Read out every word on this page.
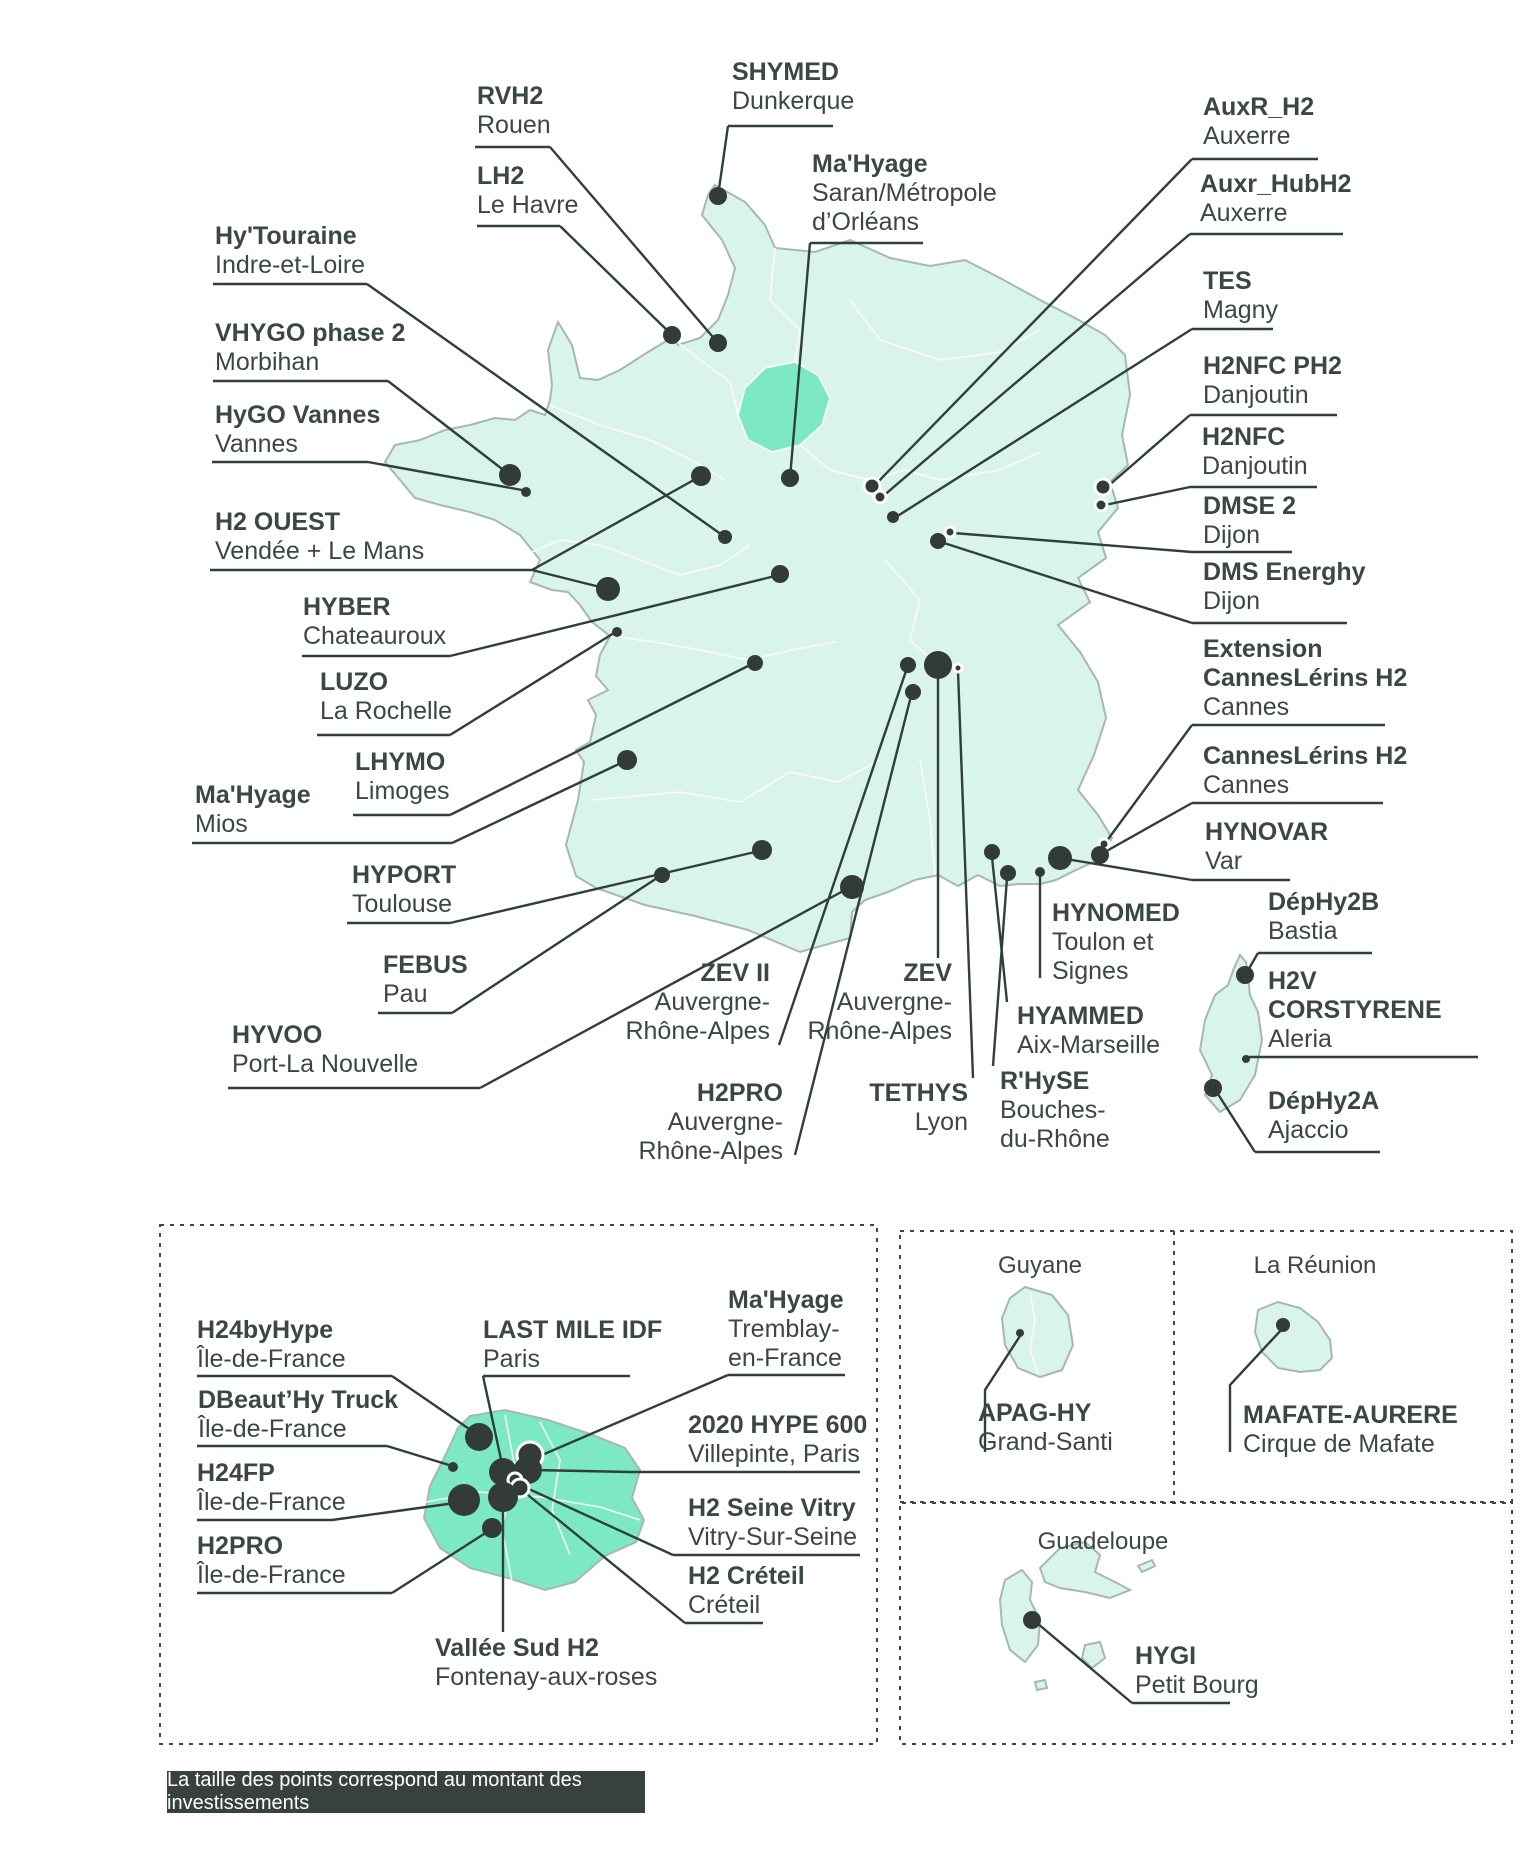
Guyane	La Réunion
Guadeloupe
La taille des points correspond au montant des investissements
RVH2
Rouen
LH2
Le Havre
SHYMED
Dunkerque
Ma'Hyage
Saran/Métropole
d’Orléans
AuxR_H2
Auxerre
Auxr_HubH2
Auxerre
TES
Magny
H2NFC PH2
Danjoutin
H2NFC
Danjoutin
DMSE 2
Dijon
DMS Energhy
Dijon
Hy'Touraine
Indre-et-Loire
VHYGO phase 2
Morbihan
HyGO Vannes
Vannes
H2 OUEST
Vendée + Le Mans
HYBER
Chateauroux
LUZO
La Rochelle
LHYMO
Limoges
Ma'Hyage
Mios
HYPORT
Toulouse
FEBUS
Pau
HYVOO
Port-La Nouvelle
ZEV II
Auvergne-
Rhône-Alpes
ZEV
Auvergne-
Rhône-Alpes
H2PRO
Auvergne-
Rhône-Alpes
TETHYS
Lyon
HYAMMED
Aix-Marseille
R'HySE
Bouches-
du-Rhône
HYNOMED
Toulon et
Signes
Extension
CannesLérins H2
Cannes
CannesLérins H2
Cannes
HYNOVAR
Var
DépHy2B
Bastia
H2V
CORSTYRENE
Aleria
DépHy2A
Ajaccio
H24byHype
Île-de-France
DBeaut’Hy Truck
Île-de-France
H24FP
Île-de-France
H2PRO
Île-de-France
LAST MILE IDF
Paris
Ma'Hyage
Tremblay-
en-France
2020 HYPE 600
Villepinte, Paris
H2 Seine Vitry
Vitry-Sur-Seine
H2 Créteil
Créteil
Vallée Sud H2
Fontenay-aux-roses
APAG-HY
Grand-Santi
MAFATE-AURERE
Cirque de Mafate
HYGI
Petit Bourg
